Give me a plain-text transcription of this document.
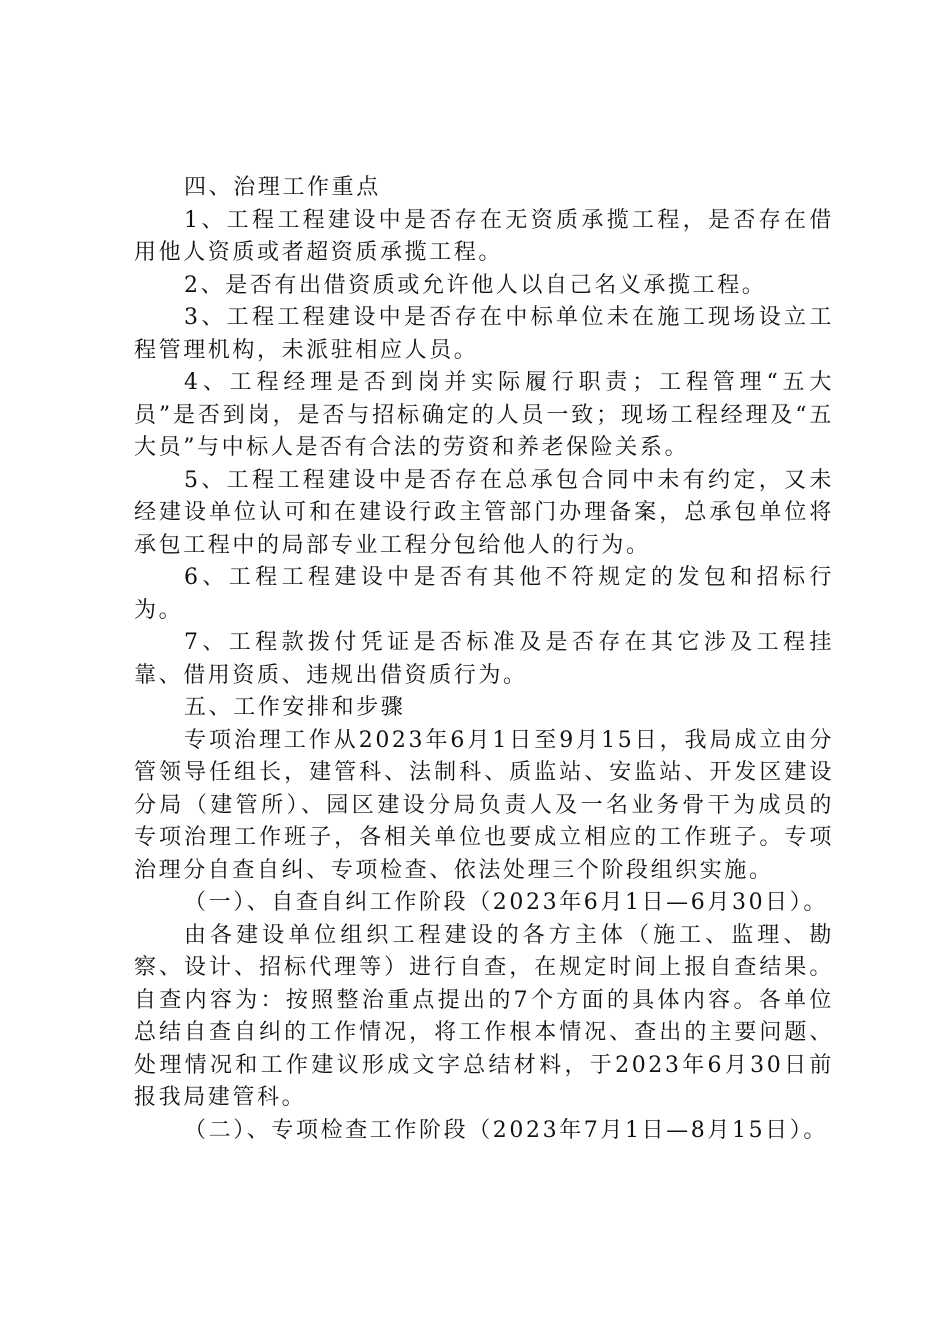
四、治理工作重点

1、工程工程建设中是否存在无资质承揽工程，是否存在借用他人资质或者超资质承揽工程。

2、是否有出借资质或允许他人以自己名义承揽工程。

3、工程工程建设中是否存在中标单位未在施工现场设立工程管理机构，未派驻相应人员。

4、工程经理是否到岗并实际履行职责；工程管理“五大员”是否到岗，是否与招标确定的人员一致；现场工程经理及“五大员”与中标人是否有合法的劳资和养老保险关系。

5、工程工程建设中是否存在总承包合同中未有约定，又未经建设单位认可和在建设行政主管部门办理备案，总承包单位将承包工程中的局部专业工程分包给他人的行为。

6、工程工程建设中是否有其他不符规定的发包和招标行为。

7、工程款拨付凭证是否标准及是否存在其它涉及工程挂靠、借用资质、违规出借资质行为。

五、工作安排和步骤

专项治理工作从2023年6月1日至9月15日，我局成立由分管领导任组长，建管科、法制科、质监站、安监站、开发区建设分局（建管所）、园区建设分局负责人及一名业务骨干为成员的专项治理工作班子，各相关单位也要成立相应的工作班子。专项治理分自查自纠、专项检查、依法处理三个阶段组织实施。

（一）、自查自纠工作阶段（2023年6月1日—6月30日）。

由各建设单位组织工程建设的各方主体（施工、监理、勘察、设计、招标代理等）进行自查，在规定时间上报自查结果。自查内容为：按照整治重点提出的7个方面的具体内容。各单位总结自查自纠的工作情况，将工作根本情况、查出的主要问题、处理情况和工作建议形成文字总结材料，于2023年6月30日前报我局建管科。

（二）、专项检查工作阶段（2023年7月1日—8月15日）。
